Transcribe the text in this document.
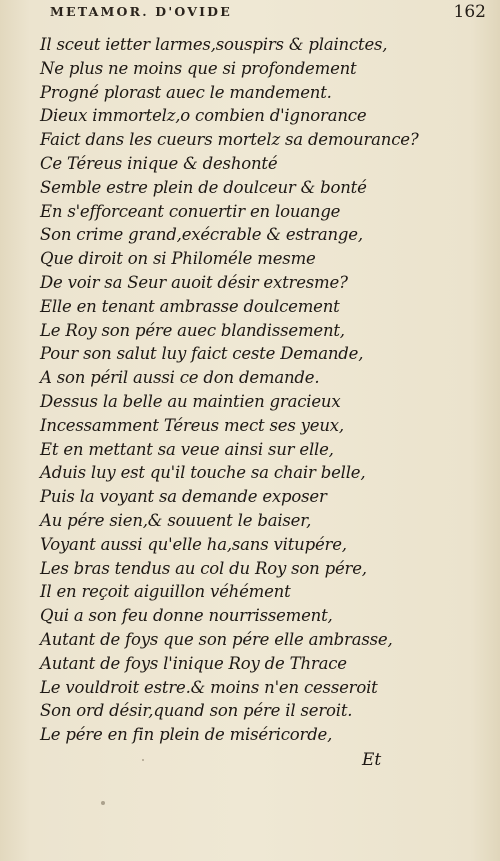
METAMOR. D'OVIDE	162
Il sceut ietter larmes,souspirs & plainctes,
Ne plus ne moins que si profondement
Progné plorast auec le mandement.
Dieux immortelz,o combien d'ignorance
Faict dans les cueurs mortelz sa demourance?
Ce Téreus inique & deshonté
Semble estre plein de doulceur & bonté
En s'efforceant conuertir en louange
Son crime grand,exécrable & estrange,
Que diroit on si Philoméle mesme
De voir sa Seur auoit désir extresme?
Elle en tenant ambrasse doulcement
Le Roy son pére auec blandissement,
Pour son salut luy faict ceste Demande,
A son péril aussi ce don demande.
Dessus la belle au maintien gracieux
Incessamment Téreus mect ses yeux,
Et en mettant sa veue ainsi sur elle,
Aduis luy est qu'il touche sa chair belle,
Puis la voyant sa demande exposer
Au pére sien,& souuent le baiser,
Voyant aussi qu'elle ha,sans vitupére,
Les bras tendus au col du Roy son pére,
Il en reçoit aiguillon véhément
Qui a son feu donne nourrissement,
Autant de foys que son pére elle ambrasse,
Autant de foys l'inique Roy de Thrace
Le vouldroit estre.& moins n'en cesseroit
Son ord désir,quand son pére il seroit.
Le pére en fin plein de miséricorde,
Et
